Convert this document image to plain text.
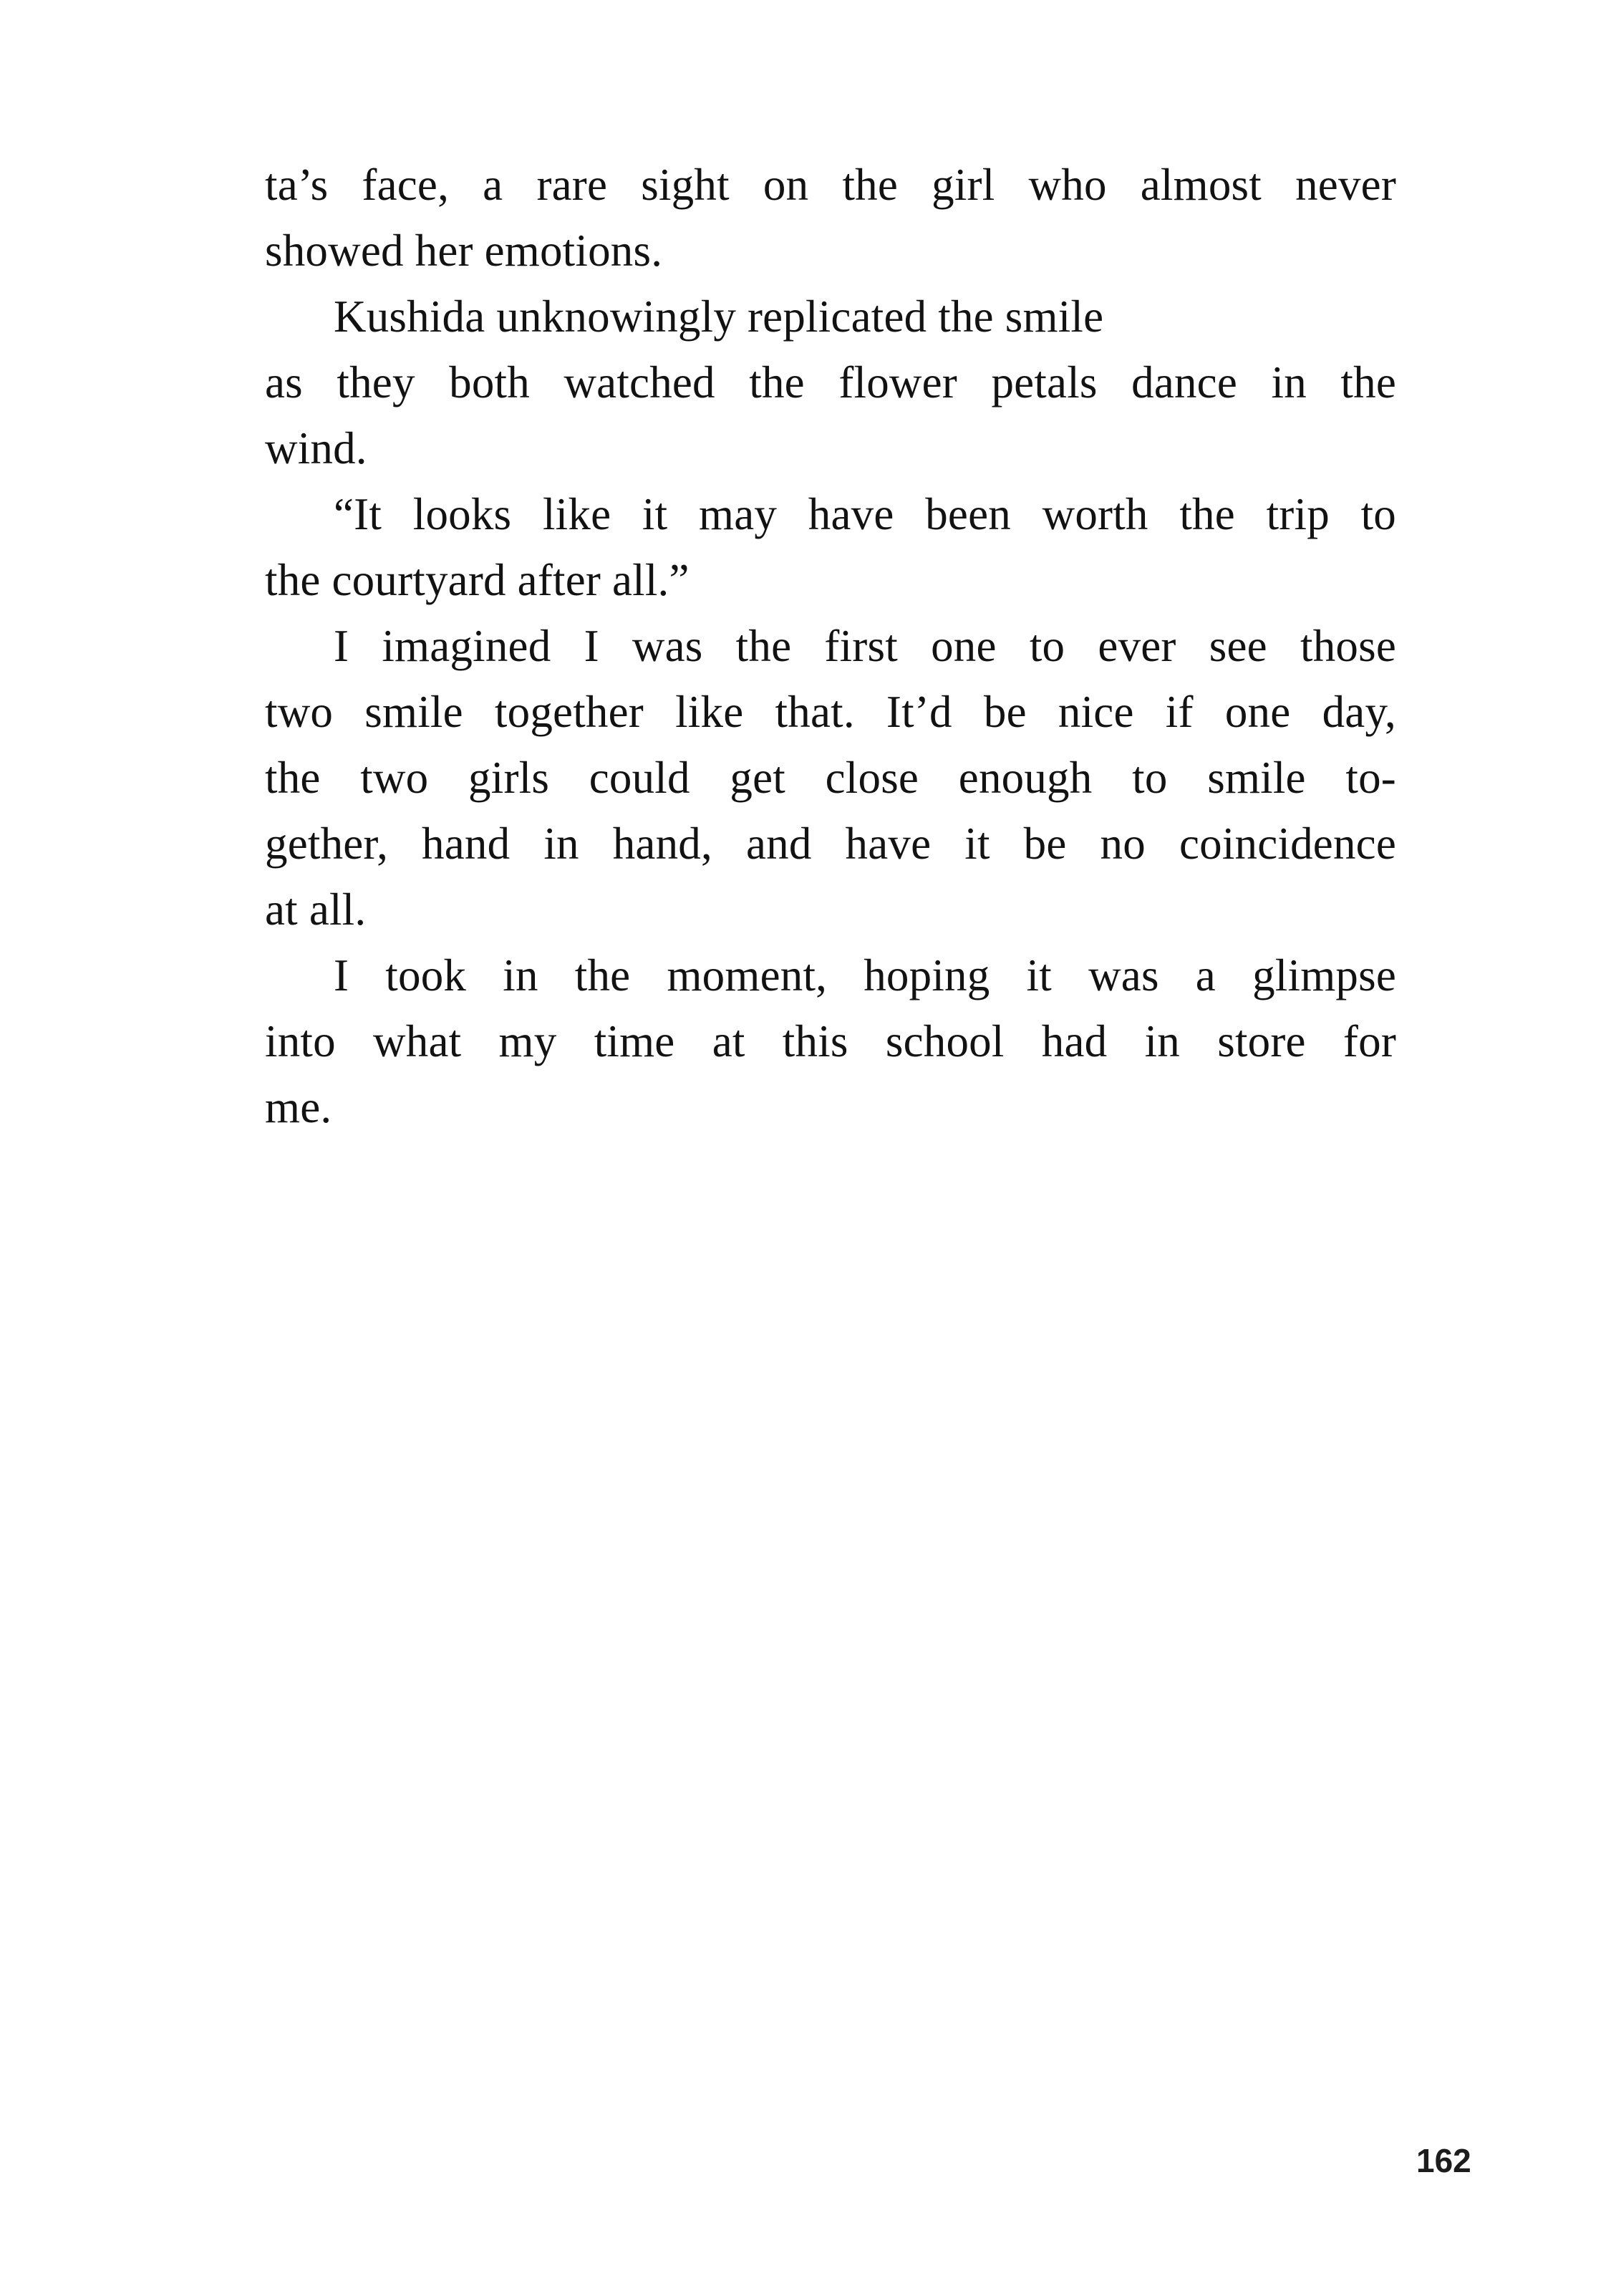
ta’s face, a rare sight on the girl who almost never
showed her emotions.
Kushida unknowingly replicated the smile
as they both watched the flower petals dance in the
wind.
“It looks like it may have been worth the trip to
the courtyard after all.”
I imagined I was the first one to ever see those
two smile together like that. It’d be nice if one day,
the two girls could get close enough to smile to-
gether, hand in hand, and have it be no coincidence
at all.
I took in the moment, hoping it was a glimpse
into what my time at this school had in store for
me.
162
